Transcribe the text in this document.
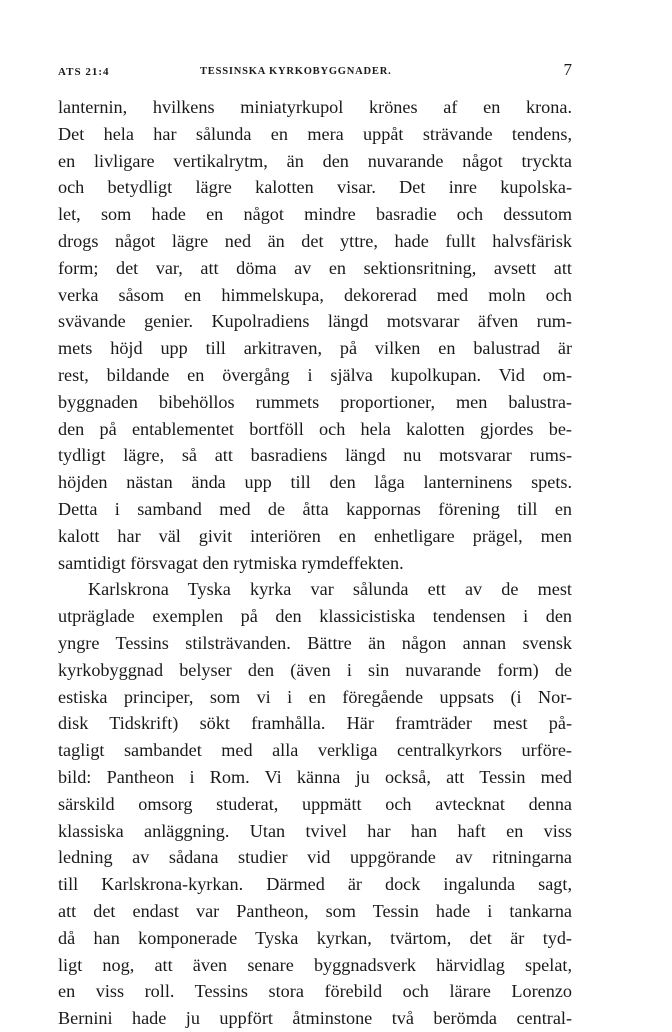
ATS 21:4	TESSINSKA KYRKOBYGGNADER.	7
lanternin, hvilkens miniatyrkupol krönes af en krona.
Det hela har sålunda en mera uppåt strävande tendens,
en livligare vertikalrytm, än den nuvarande något tryckta
och betydligt lägre kalotten visar. Det inre kupolska-
let, som hade en något mindre basradie och dessutom
drogs något lägre ned än det yttre, hade fullt halvsfärisk
form; det var, att döma av en sektionsritning, avsett att
verka såsom en himmelskupa, dekorerad med moln och
svävande genier. Kupolradiens längd motsvarar äfven rum-
mets höjd upp till arkitraven, på vilken en balustrad är
rest, bildande en övergång i själva kupolkupan. Vid om-
byggnaden bibehöllos rummets proportioner, men balustra-
den på entablementet bortföll och hela kalotten gjordes be-
tydligt lägre, så att basradiens längd nu motsvarar rums-
höjden nästan ända upp till den låga lanterninens spets.
Detta i samband med de åtta kappornas förening till en
kalott har väl givit interiören en enhetligare prägel, men
samtidigt försvagat den rytmiska rymdeffekten.
Karlskrona Tyska kyrka var sålunda ett av de mest
utpräglade exemplen på den klassicistiska tendensen i den
yngre Tessins stilsträvanden. Bättre än någon annan svensk
kyrkobyggnad belyser den (även i sin nuvarande form) de
estiska principer, som vi i en föregående uppsats (i Nor-
disk Tidskrift) sökt framhålla. Här framträder mest på-
tagligt sambandet med alla verkliga centralkyrkors urföre-
bild: Pantheon i Rom. Vi känna ju också, att Tessin med
särskild omsorg studerat, uppmätt och avtecknat denna
klassiska anläggning. Utan tvivel har han haft en viss
ledning av sådana studier vid uppgörande av ritningarna
till Karlskrona-kyrkan. Därmed är dock ingalunda sagt,
att det endast var Pantheon, som Tessin hade i tankarna
då han komponerade Tyska kyrkan, tvärtom, det är tyd-
ligt nog, att även senare byggnadsverk härvidlag spelat,
en viss roll. Tessins stora förebild och lärare Lorenzo
Bernini hade ju uppfört åtminstone två berömda central-
